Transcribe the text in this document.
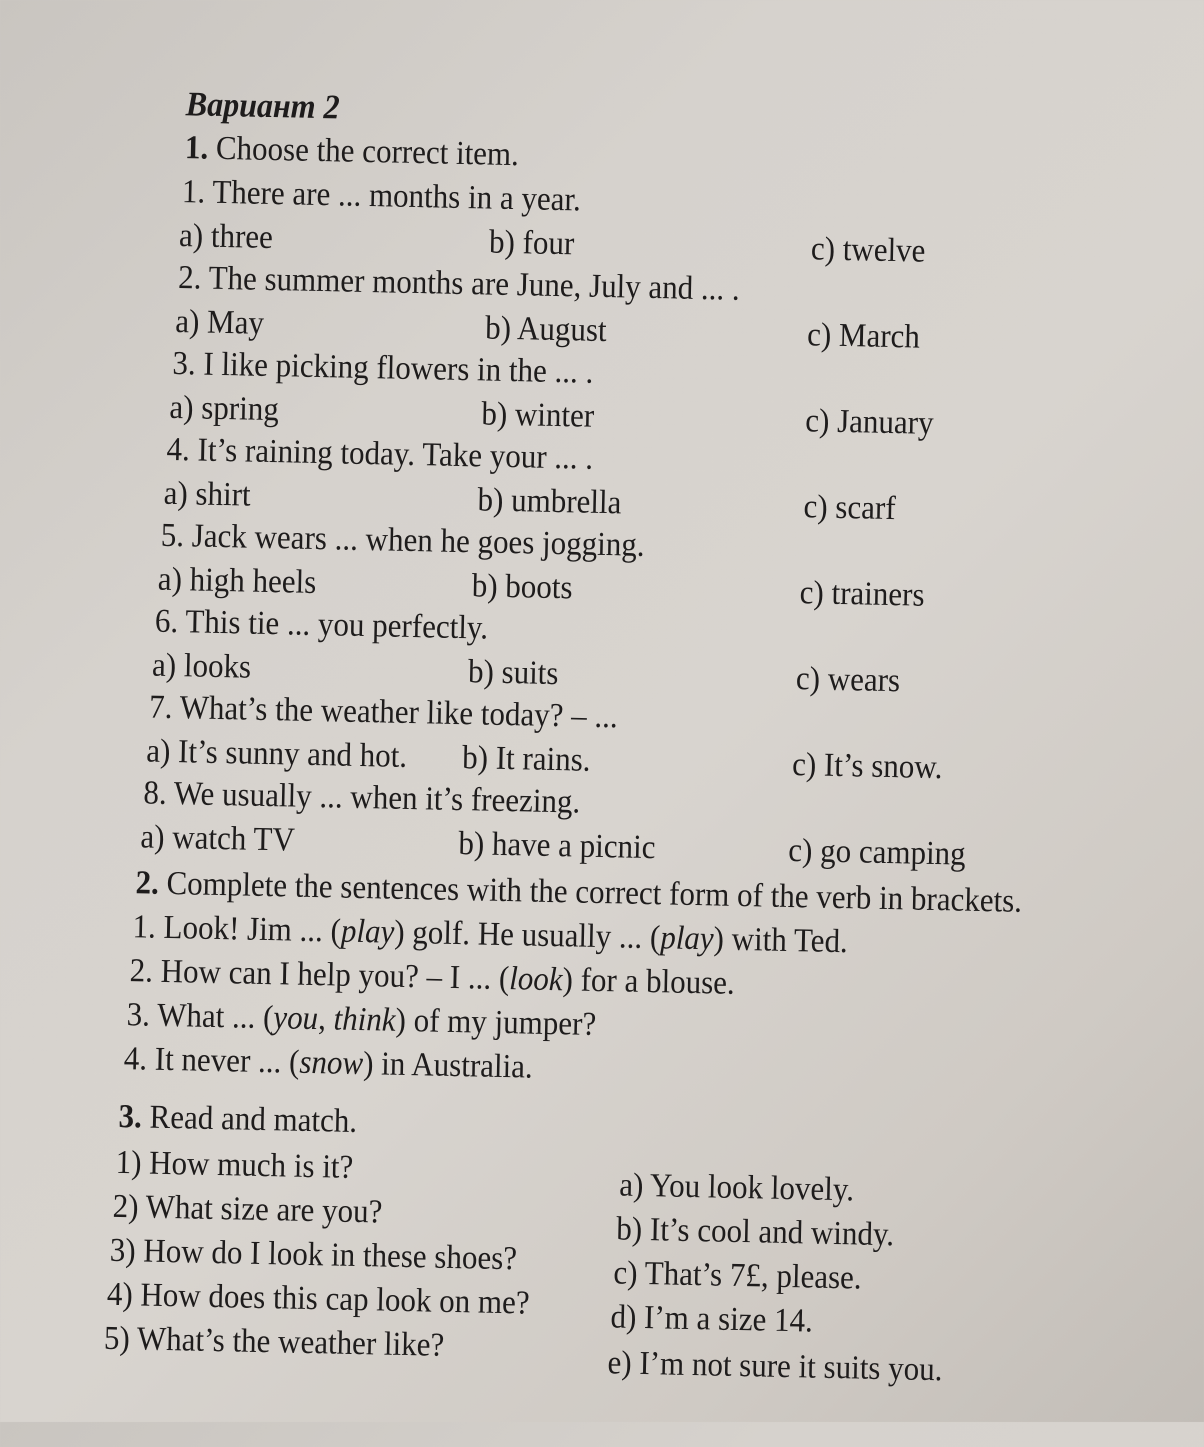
Вариант 2
1. Choose the correct item.
1. There are ... months in a year.
a) three	b) four	c) twelve
2. The summer months are June, July and ... .
a) May	b) August	c) March
3. I like picking flowers in the ... .
a) spring	b) winter	c) January
4. It’s raining today. Take your ... .
a) shirt	b) umbrella	c) scarf
5. Jack wears ... when he goes jogging.
a) high heels	b) boots	c) trainers
6. This tie ... you perfectly.
a) looks	b) suits	c) wears
7. What’s the weather like today? – ...
a) It’s sunny and hot. b) It rains.	c) It’s snow.
8. We usually ... when it’s freezing.
a) watch TV	b) have a picnic	c) go camping
2. Complete the sentences with the correct form of the verb in brackets.
1. Look! Jim ... (play) golf. He usually ... (play) with Ted.
2. How can I help you? – I ... (look) for a blouse.
3. What ... (you, think) of my jumper?
4. It never ... (snow) in Australia.
3. Read and match.
1) How much is it?
2) What size are you?
3) How do I look in these shoes?
4) How does this cap look on me?
5) What’s the weather like?
a) You look lovely.
b) It’s cool and windy.
c) That’s 7£, please.
d) I’m a size 14.
e) I’m not sure it suits you.
